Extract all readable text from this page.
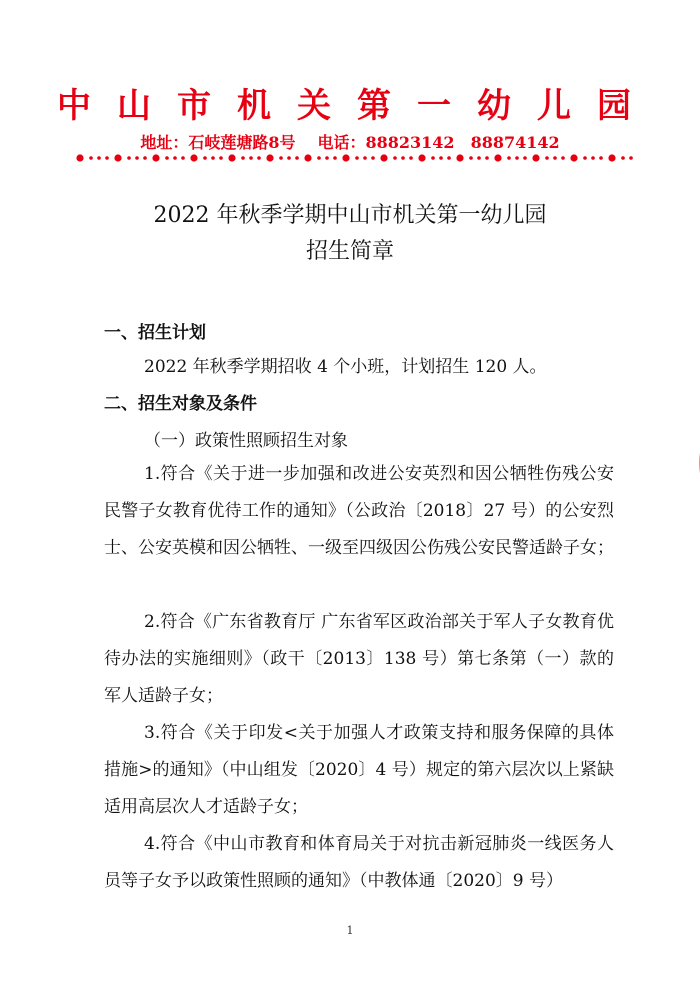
中山市机关第一幼儿园
地址：石岐莲塘路8号 电话：88823142　88874142
2022 年秋季学期中山市机关第一幼儿园
招生简章
一、招生计划
2022 年秋季学期招收 4 个小班，计划招生 120 人。
二、招生对象及条件
（一）政策性照顾招生对象
1.符合《关于进一步加强和改进公安英烈和因公牺牲伤残公安民警子女教育优待工作的通知》（公政治〔2018〕27 号）的公安烈士、公安英模和因公牺牲、一级至四级因公伤残公安民警适龄子女；
2.符合《广东省教育厅 广东省军区政治部关于军人子女教育优待办法的实施细则》（政干〔2013〕138 号）第七条第（一）款的军人适龄子女；
3.符合《关于印发<关于加强人才政策支持和服务保障的具体措施>的通知》（中山组发〔2020〕4 号）规定的第六层次以上紧缺适用高层次人才适龄子女；
4.符合《中山市教育和体育局关于对抗击新冠肺炎一线医务人员等子女予以政策性照顾的通知》（中教体通〔2020〕9 号）
1
